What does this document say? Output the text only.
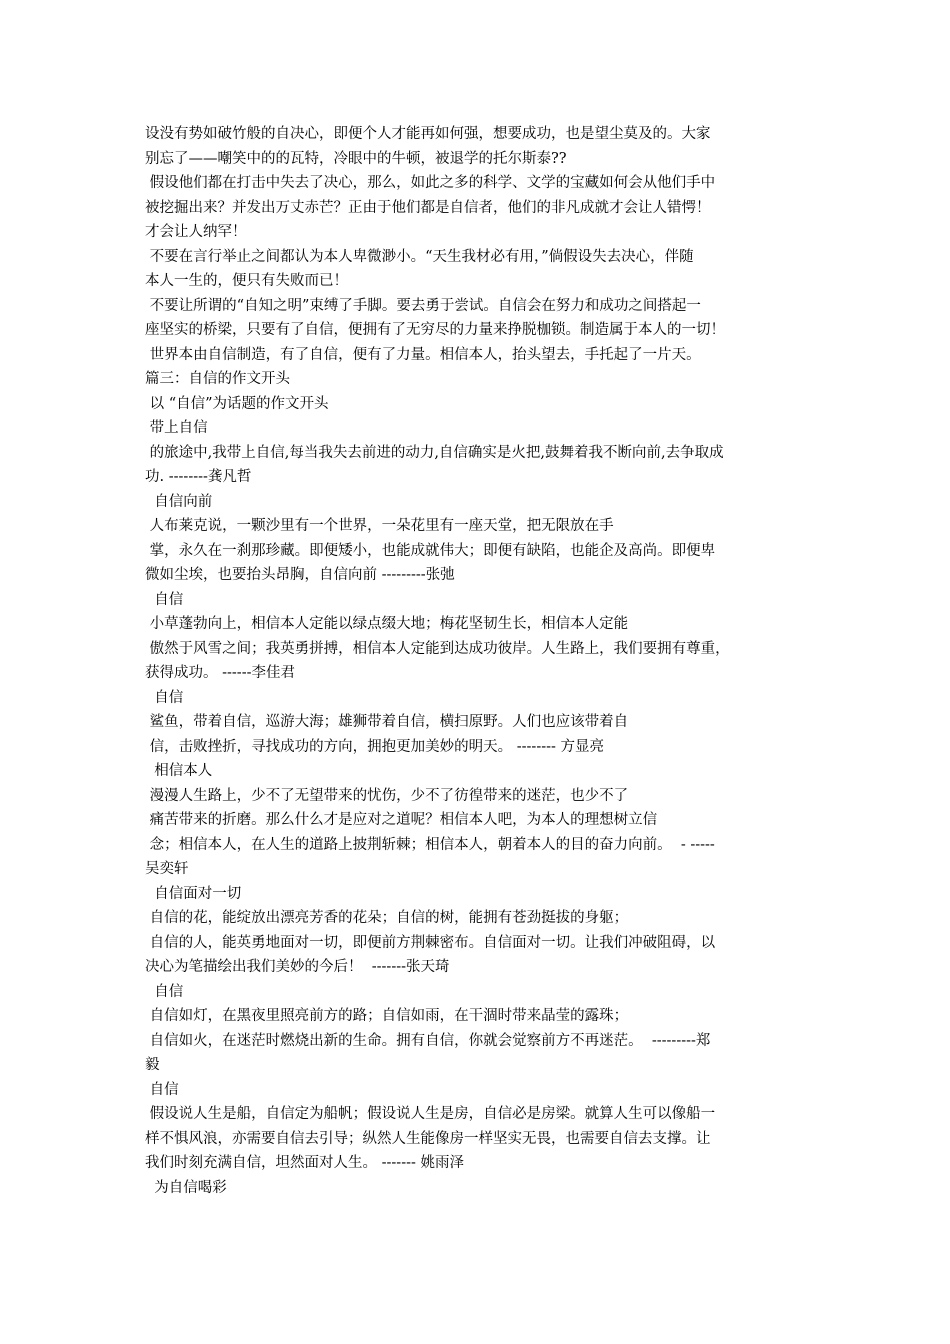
设没有势如破竹般的自决心，即便个人才能再如何强，想要成功，也是望尘莫及的。大家
别忘了——嘲笑中的的瓦特，冷眼中的牛顿，被退学的托尔斯泰??
假设他们都在打击中失去了决心，那么，如此之多的科学、文学的宝藏如何会从他们手中
被挖掘出来？并发出万丈赤芒？正由于他们都是自信者，他们的非凡成就才会让人错愕！
才会让人纳罕！
不要在言行举止之间都认为本人卑微渺小。“天生我材必有用，”倘假设失去决心，伴随
本人一生的，便只有失败而已！
不要让所谓的“自知之明”束缚了手脚。要去勇于尝试。自信会在努力和成功之间搭起一
座坚实的桥梁，只要有了自信，便拥有了无穷尽的力量来挣脱枷锁。制造属于本人的一切！
世界本由自信制造，有了自信，便有了力量。相信本人，抬头望去，手托起了一片天。
篇三：自信的作文开头
以 “自信”为话题的作文开头
带上自信
的旅途中,我带上自信,每当我失去前进的动力,自信确实是火把,鼓舞着我不断向前,去争取成
功. --------龚凡哲
自信向前
人布莱克说，一颗沙里有一个世界，一朵花里有一座天堂，把无限放在手
掌，永久在一刹那珍藏。即便矮小，也能成就伟大；即便有缺陷，也能企及高尚。即便卑
微如尘埃，也要抬头昂胸，自信向前 ---------张弛
自信
小草蓬勃向上，相信本人定能以绿点缀大地；梅花坚韧生长，相信本人定能
傲然于风雪之间；我英勇拼搏，相信本人定能到达成功彼岸。人生路上，我们要拥有尊重，
获得成功。 ------李佳君
自信
鲨鱼，带着自信，巡游大海；雄狮带着自信，横扫原野。人们也应该带着自
信，击败挫折，寻找成功的方向，拥抱更加美妙的明天。 -------- 方显亮
相信本人
漫漫人生路上，少不了无望带来的忧伤，少不了彷徨带来的迷茫，也少不了
痛苦带来的折磨。那么什么才是应对之道呢？相信本人吧，为本人的理想树立信
念；相信本人，在人生的道路上披荆斩棘；相信本人，朝着本人的目的奋力向前。  - -----
吴奕轩
自信面对一切
自信的花，能绽放出漂亮芳香的花朵；自信的树，能拥有苍劲挺拔的身躯；
自信的人，能英勇地面对一切，即便前方荆棘密布。自信面对一切。让我们冲破阻碍，以
决心为笔描绘出我们美妙的今后！  -------张天琦
自信
自信如灯，在黑夜里照亮前方的路；自信如雨，在干涸时带来晶莹的露珠；
自信如火，在迷茫时燃烧出新的生命。拥有自信，你就会觉察前方不再迷茫。  ---------郑
毅
自信
假设说人生是船，自信定为船帆；假设说人生是房，自信必是房梁。就算人生可以像船一
样不惧风浪，亦需要自信去引导；纵然人生能像房一样坚实无畏，也需要自信去支撑。让
我们时刻充满自信，坦然面对人生。 ------- 姚雨泽
为自信喝彩
